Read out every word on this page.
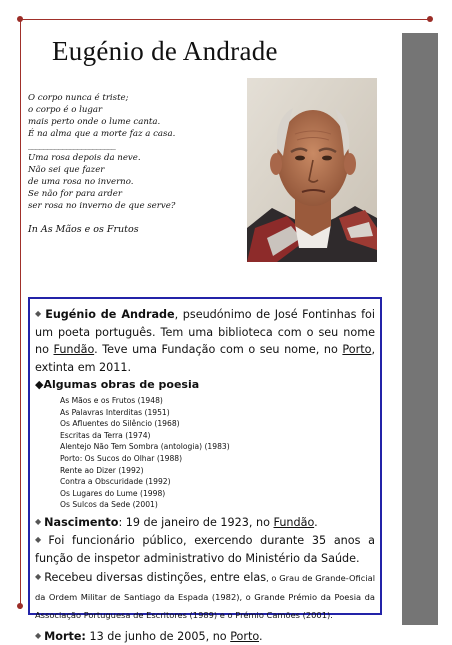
Eugénio de Andrade
O corpo nunca é triste;
o corpo é o lugar
mais perto onde o lume canta.
É na alma que a morte faz a casa.
_______________________
Uma rosa depois da neve.
Não sei que fazer
de uma rosa no inverno.
Se não for para arder
ser rosa no inverno de que serve?
In As Mãos e os Frutos
◆ Eugénio de Andrade, pseudónimo de José Fontinhas foi um poeta português. Tem uma biblioteca com o seu nome no Fundão. Teve uma Fundação com o seu nome, no Porto, extinta em 2011.
◆Algumas obras de poesia
As Mãos e os Frutos (1948)
As Palavras Interditas (1951)
Os Afluentes do Silêncio (1968)
Escritas da Terra (1974)
Alentejo Não Tem Sombra (antologia) (1983)
Porto: Os Sucos do Olhar (1988)
Rente ao Dizer (1992)
Contra a Obscuridade (1992)
Os Lugares do Lume (1998)
Os Sulcos da Sede (2001)
◆ Nascimento: 19 de janeiro de 1923, no Fundão.
◆ Foi funcionário público, exercendo durante 35 anos a função de inspetor administrativo do Ministério da Saúde.
◆ Recebeu diversas distinções, entre elas, o Grau de Grande-Oficial da Ordem Militar de Santiago da Espada (1982), o Grande Prémio da Poesia da Associação Portuguesa de Escritores (1989) e o Prémio Camões (2001).
◆ Morte: 13 de junho de 2005, no Porto.
